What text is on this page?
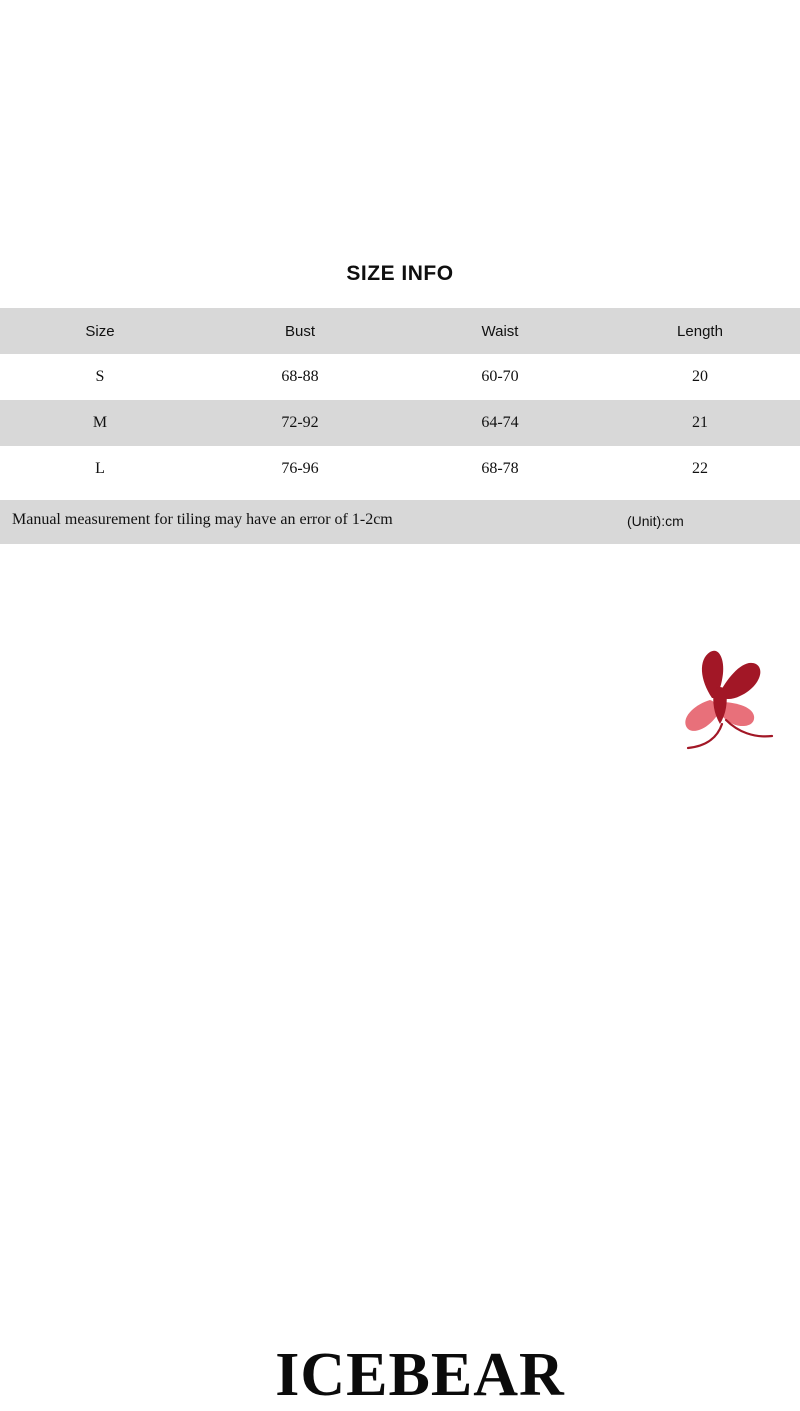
SIZE INFO
Size	Bust	Waist	Length
S	68-88	60-70	20
M	72-92	64-74	21
L	76-96	68-78	22
Manual measurement for tiling may have an error of 1-2cm	(Unit):cm
ICEBEAR
